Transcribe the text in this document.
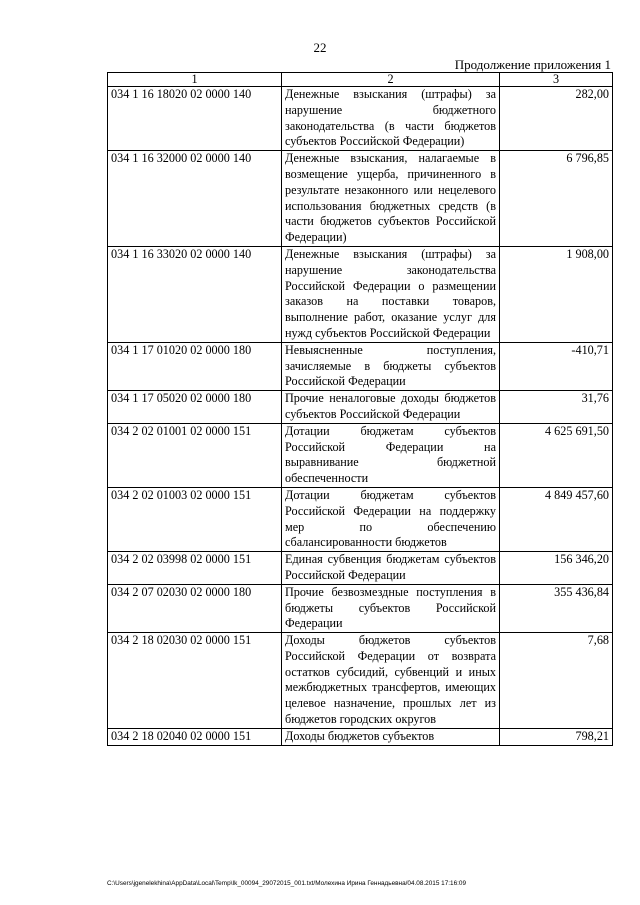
22
Продолжение приложения 1
1	2	3
034 1 16 18020 02 0000 140	Денежные взыскания (штрафы) за нарушение бюджетного законодательства (в части бюджетов субъектов Российской Федерации)	282,00
034 1 16 32000 02 0000 140	Денежные взыскания, налагаемые в возмещение ущерба, причиненного в результате незаконного или нецелевого использования бюджетных средств (в части бюджетов субъектов Российской Федерации)	6 796,85
034 1 16 33020 02 0000 140	Денежные взыскания (штрафы) за нарушение законодательства Российской Федерации о размещении заказов на поставки товаров, выполнение работ, оказание услуг для нужд субъектов Российской Федерации	1 908,00
034 1 17 01020 02 0000 180	Невыясненные поступления, зачисляемые в бюджеты субъектов Российской Федерации	-410,71
034 1 17 05020 02 0000 180	Прочие неналоговые доходы бюджетов субъектов Российской Федерации	31,76
034 2 02 01001 02 0000 151	Дотации бюджетам субъектов Российской Федерации на выравнивание бюджетной обеспеченности	4 625 691,50
034 2 02 01003 02 0000 151	Дотации бюджетам субъектов Российской Федерации на поддержку мер по обеспечению сбалансированности бюджетов	4 849 457,60
034 2 02 03998 02 0000 151	Единая субвенция бюджетам субъектов Российской Федерации	156 346,20
034 2 07 02030 02 0000 180	Прочие безвозмездные поступления в бюджеты субъектов Российской Федерации	355 436,84
034 2 18 02030 02 0000 151	Доходы бюджетов субъектов Российской Федерации от возврата остатков субсидий, субвенций и иных межбюджетных трансфертов, имеющих целевое назначение, прошлых лет из бюджетов городских округов	7,68
034 2 18 02040 02 0000 151	Доходы бюджетов субъектов	798,21
C:\Users\jgenelekhina\AppData\Local\Temp\Ik_00094_29072015_001.txt/Молехина Ирина Геннадьевна/04.08.2015 17:16:09
